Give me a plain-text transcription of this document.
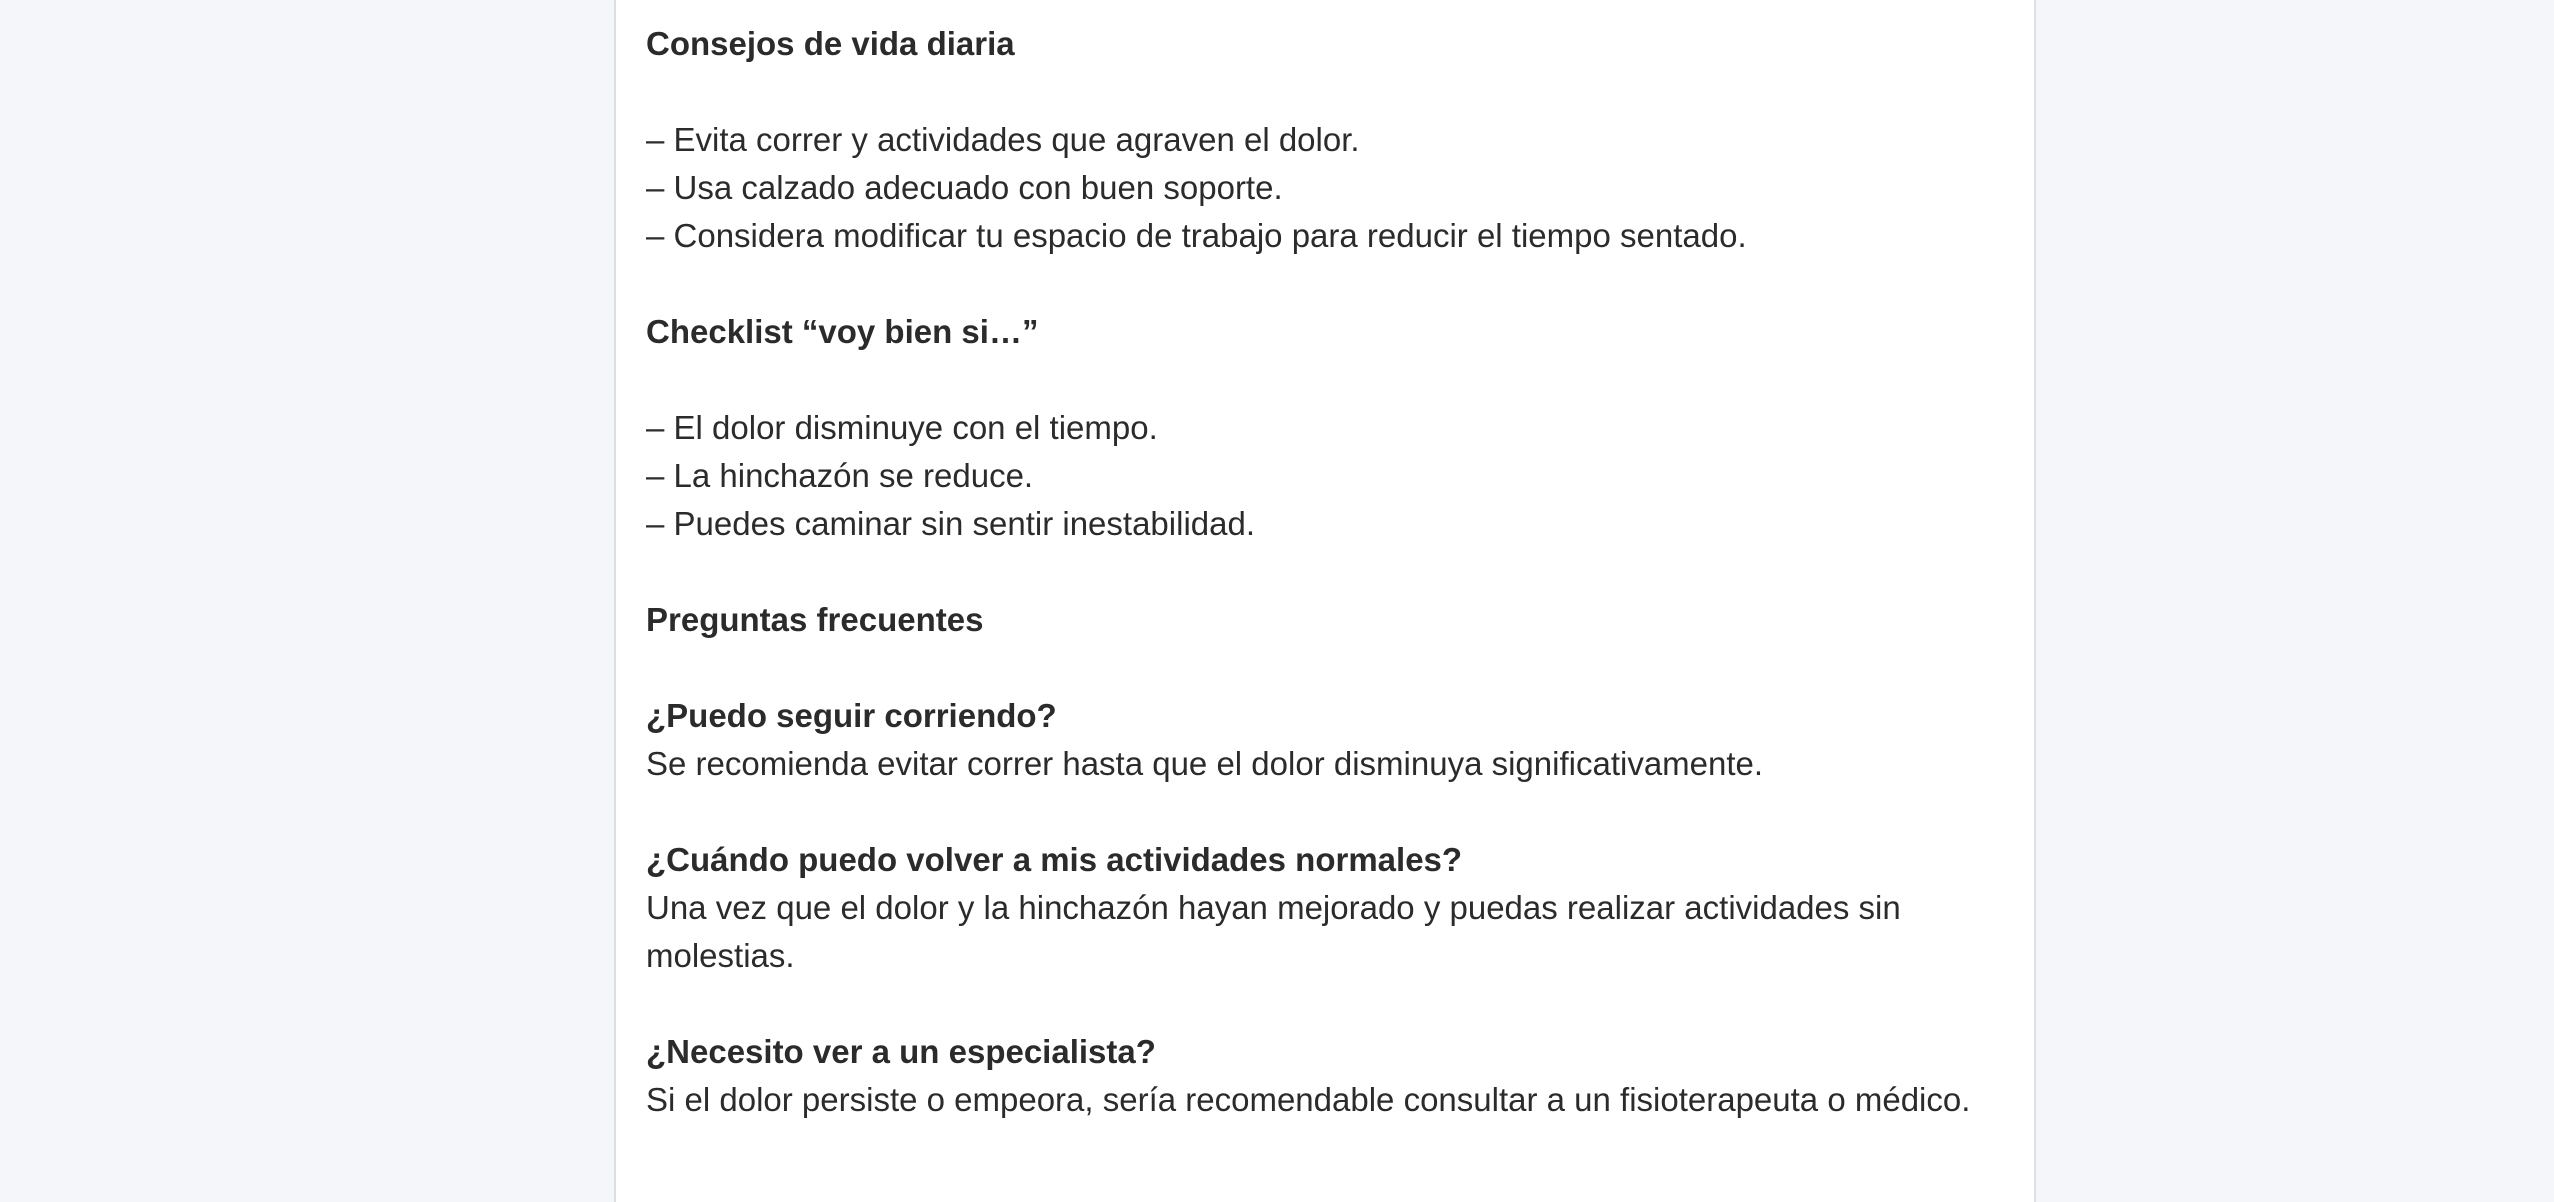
Consejos de vida diaria
– Evita correr y actividades que agraven el dolor.
– Usa calzado adecuado con buen soporte.
– Considera modificar tu espacio de trabajo para reducir el tiempo sentado.
Checklist “voy bien si…”
– El dolor disminuye con el tiempo.
– La hinchazón se reduce.
– Puedes caminar sin sentir inestabilidad.
Preguntas frecuentes
¿Puedo seguir corriendo?
Se recomienda evitar correr hasta que el dolor disminuya significativamente.
¿Cuándo puedo volver a mis actividades normales?
Una vez que el dolor y la hinchazón hayan mejorado y puedas realizar actividades sin molestias.
¿Necesito ver a un especialista?
Si el dolor persiste o empeora, sería recomendable consultar a un fisioterapeuta o médico.
